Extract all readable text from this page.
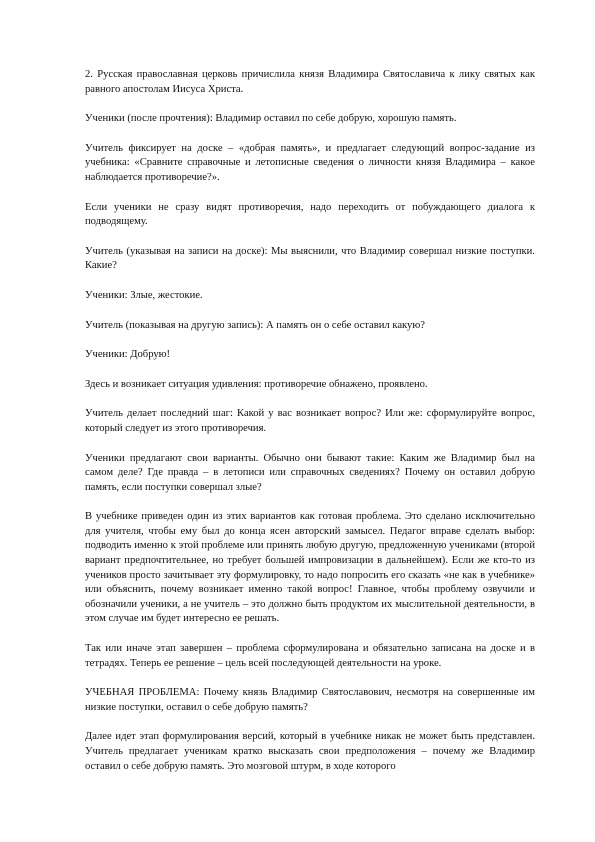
2. Русская православная церковь причислила князя Владимира Святославича к лику святых как равного апостолам Иисуса Христа.

Ученики (после прочтения): Владимир оставил по себе добрую, хорошую память.

Учитель фиксирует на доске – «добрая память», и предлагает следующий вопрос-задание из учебника: «Сравните справочные и летописные сведения о личности князя Владимира – какое наблюдается противоречие?».

Если ученики не сразу видят противоречия, надо переходить от побуждающего диалога к подводящему.

Учитель (указывая на записи на доске): Мы выяснили, что Владимир совершал низкие поступки. Какие?

Ученики: Злые, жестокие.

Учитель (показывая на другую запись): А память он о себе оставил какую?

Ученики: Добрую!

Здесь и возникает ситуация удивления: противоречие обнажено, проявлено.

Учитель делает последний шаг: Какой у вас возникает вопрос? Или же: сформулируйте вопрос, который следует из этого противоречия.

Ученики предлагают свои варианты. Обычно они бывают такие: Каким же Владимир был на самом деле? Где правда – в летописи или справочных сведениях? Почему он оставил добрую память, если поступки совершал злые?

В учебнике приведен один из этих вариантов как готовая проблема. Это сделано исключительно для учителя, чтобы ему был до конца ясен авторский замысел. Педагог вправе сделать выбор: подводить именно к этой проблеме или принять любую другую, предложенную учениками (второй вариант предпочтительнее, но требует большей импровизации в дальнейшем). Если же кто-то из учеников просто зачитывает эту формулировку, то надо попросить его сказать «не как в учебнике» или объяснить, почему возникает именно такой вопрос! Главное, чтобы проблему озвучили и обозначили ученики, а не учитель – это должно быть продуктом их мыслительной деятельности, в этом случае им будет интересно ее решать.

Так или иначе этап завершен – проблема сформулирована и обязательно записана на доске и в тетрадях. Теперь ее решение – цель всей последующей деятельности на уроке.

УЧЕБНАЯ ПРОБЛЕМА: Почему князь Владимир Святославович, несмотря на совершенные им низкие поступки, оставил о себе добрую память?

Далее идет этап формулирования версий, который в учебнике никак не может быть представлен. Учитель предлагает ученикам кратко высказать свои предположения – почему же Владимир оставил о себе добрую память. Это мозговой штурм, в ходе которого
